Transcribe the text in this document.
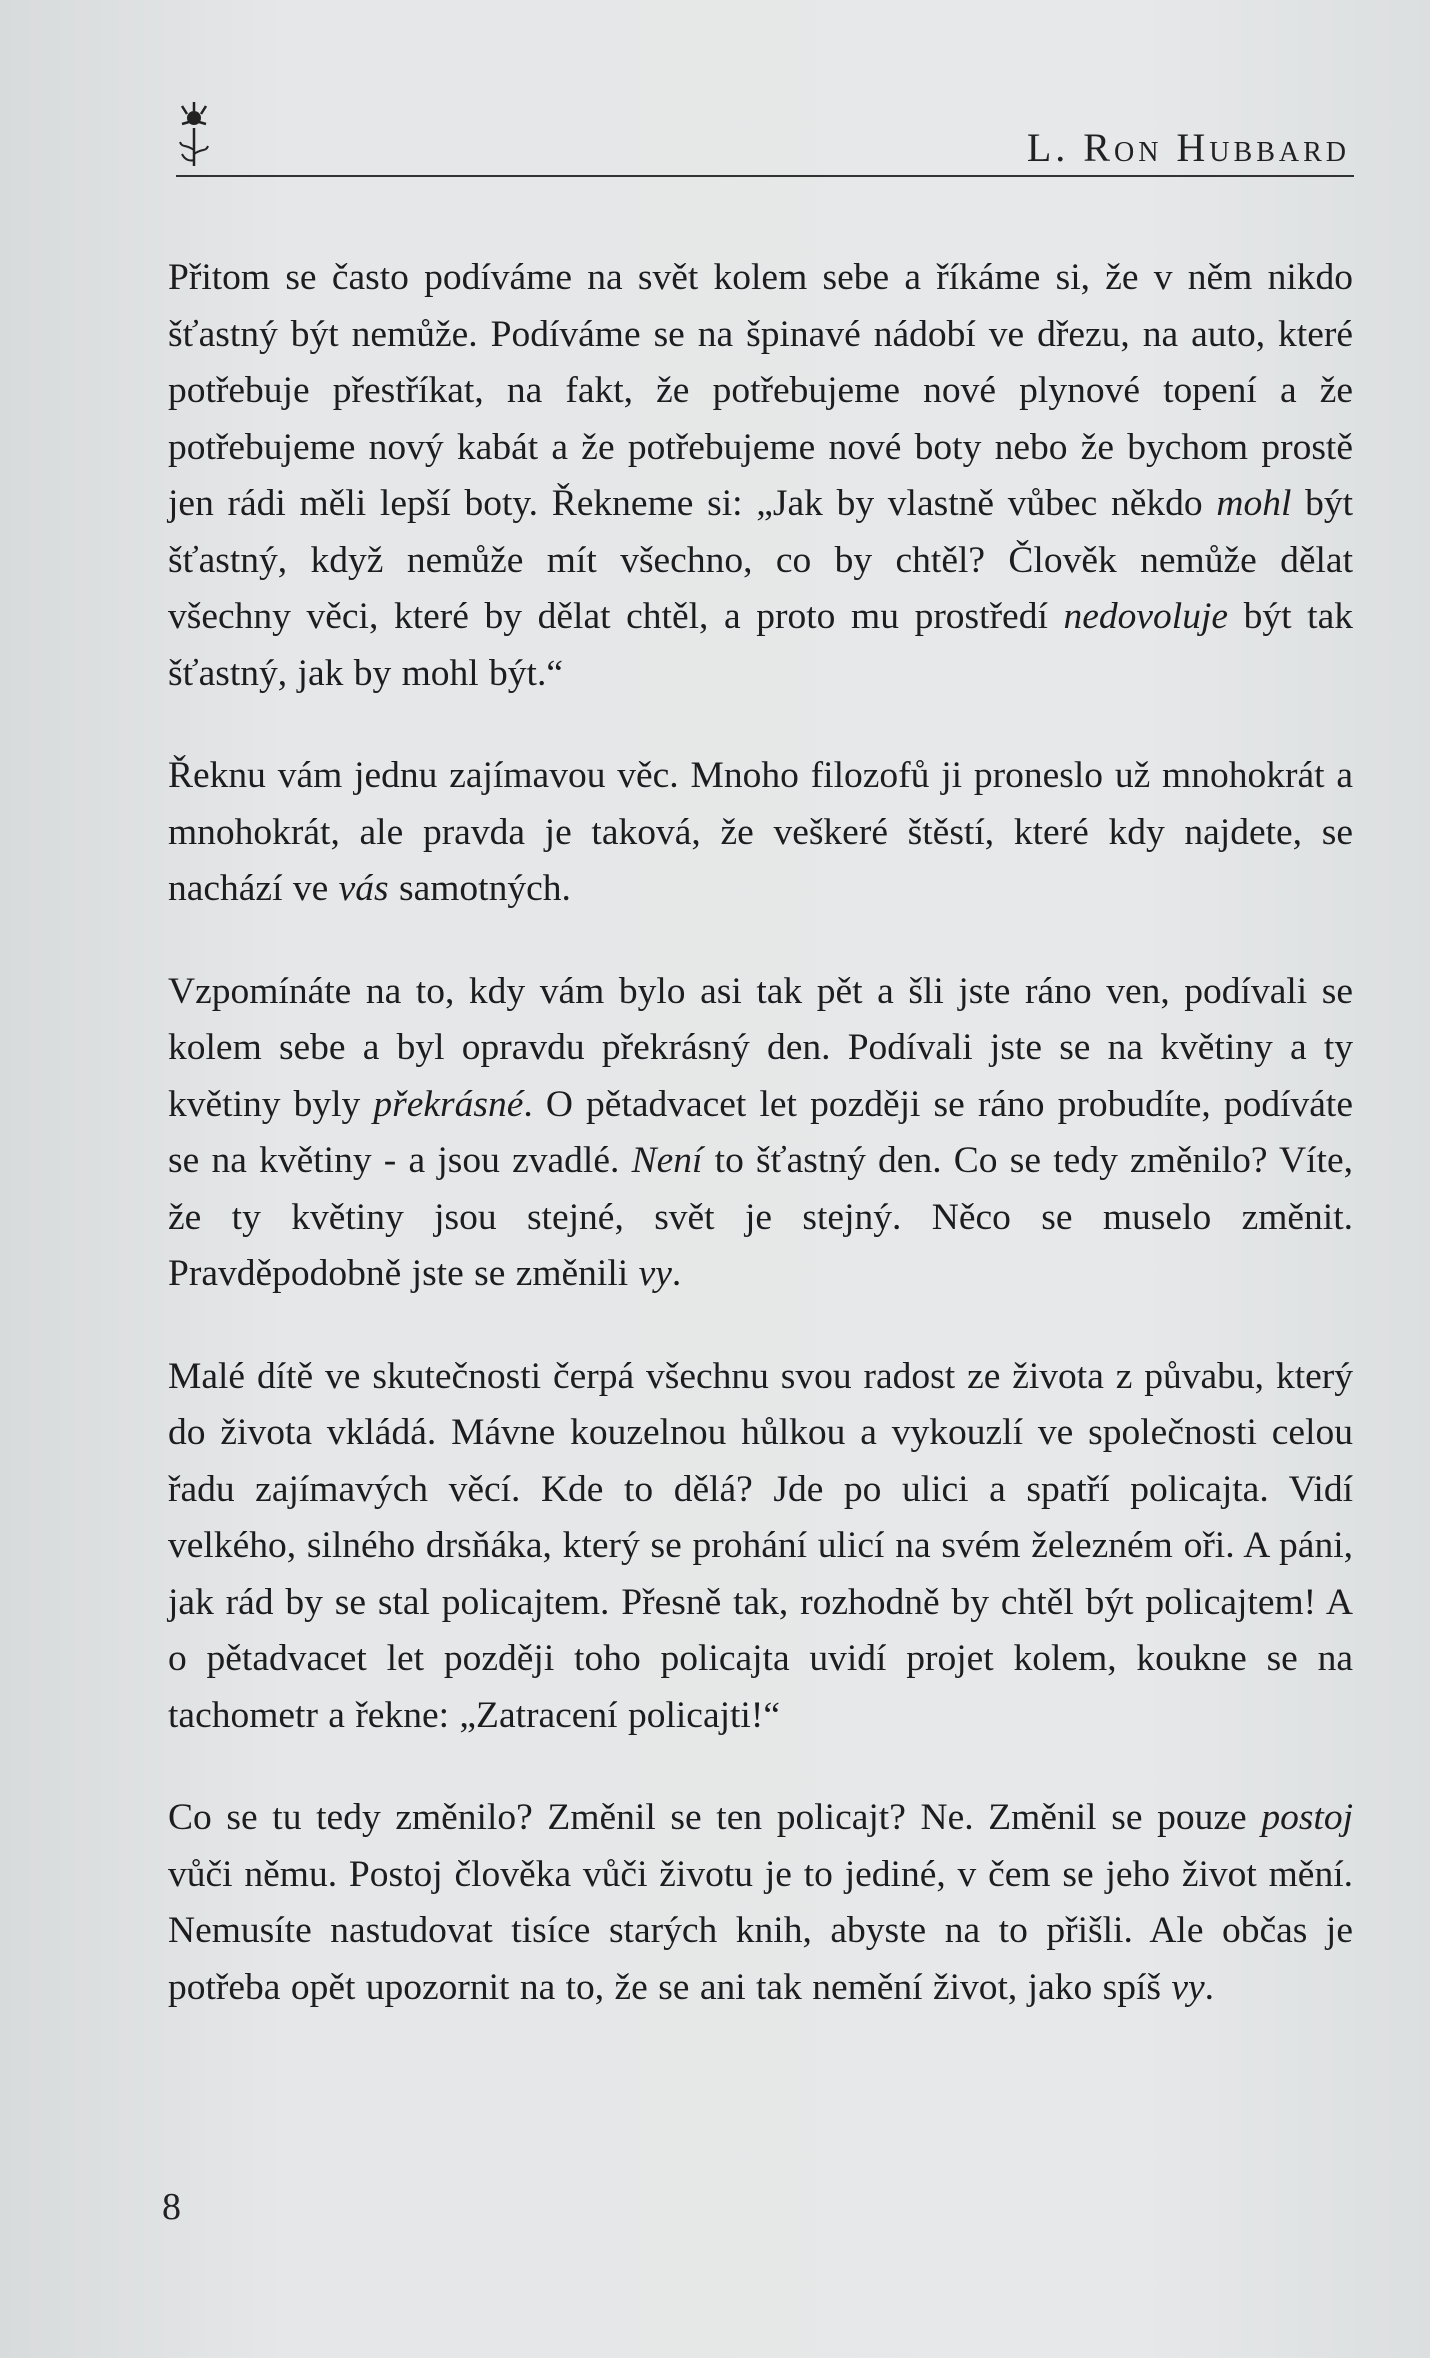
L. Ron Hubbard

Přitom se často podíváme na svět kolem sebe a říkáme si, že v něm nikdo šťastný být nemůže. Podíváme se na špinavé nádobí ve dřezu, na auto, které potřebuje přestříkat, na fakt, že potřebujeme nové plynové topení a že potřebujeme nový kabát a že potřebujeme nové boty nebo že bychom prostě jen rádi měli lepší boty. Řekneme si: „Jak by vlastně vůbec někdo mohl být šťastný, když nemůže mít všechno, co by chtěl? Člověk nemůže dělat všechny věci, které by dělat chtěl, a proto mu prostředí nedovoluje být tak šťastný, jak by mohl být.“

Řeknu vám jednu zajímavou věc. Mnoho filozofů ji proneslo už mnohokrát a mnohokrát, ale pravda je taková, že veškeré štěstí, které kdy najdete, se nachází ve vás samotných.

Vzpomínáte na to, kdy vám bylo asi tak pět a šli jste ráno ven, podívali se kolem sebe a byl opravdu překrásný den. Podívali jste se na květiny a ty květiny byly překrásné. O pětadvacet let později se ráno probudíte, podíváte se na květiny - a jsou zvadlé. Není to šťastný den. Co se tedy změnilo? Víte, že ty květiny jsou stejné, svět je stejný. Něco se muselo změnit. Pravděpodobně jste se změnili vy.

Malé dítě ve skutečnosti čerpá všechnu svou radost ze života z půvabu, který do života vkládá. Mávne kouzelnou hůlkou a vykouzlí ve společnosti celou řadu zajímavých věcí. Kde to dělá? Jde po ulici a spatří policajta. Vidí velkého, silného drsňáka, který se prohání ulicí na svém železném oři. A páni, jak rád by se stal policajtem. Přesně tak, rozhodně by chtěl být policajtem! A o pětadvacet let později toho policajta uvidí projet kolem, koukne se na tachometr a řekne: „Zatracení policajti!“

Co se tu tedy změnilo? Změnil se ten policajt? Ne. Změnil se pouze postoj vůči němu. Postoj člověka vůči životu je to jediné, v čem se jeho život mění. Nemusíte nastudovat tisíce starých knih, abyste na to přišli. Ale občas je potřeba opět upozornit na to, že se ani tak nemění život, jako spíš vy.

8
